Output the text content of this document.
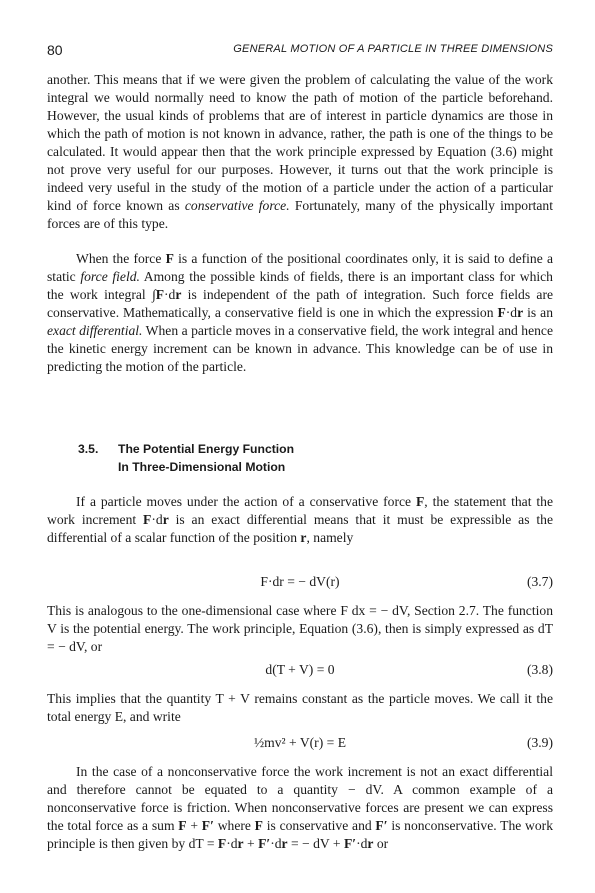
80	GENERAL MOTION OF A PARTICLE IN THREE DIMENSIONS

another. This means that if we were given the problem of calculating the value of the work integral we would normally need to know the path of motion of the particle beforehand. However, the usual kinds of problems that are of interest in particle dynamics are those in which the path of motion is not known in advance, rather, the path is one of the things to be calculated. It would appear then that the work principle expressed by Equation (3.6) might not prove very useful for our purposes. However, it turns out that the work principle is indeed very useful in the study of the motion of a particle under the action of a particular kind of force known as conservative force. Fortunately, many of the physically important forces are of this type.

When the force F is a function of the positional coordinates only, it is said to define a static force field. Among the possible kinds of fields, there is an important class for which the work integral ∫F·dr is independent of the path of integration. Such force fields are conservative. Mathematically, a conservative field is one in which the expression F·dr is an exact differential. When a particle moves in a conservative field, the work integral and hence the kinetic energy increment can be known in advance. This knowledge can be of use in predicting the motion of the particle.

3.5. The Potential Energy Function
In Three-Dimensional Motion

If a particle moves under the action of a conservative force F, the statement that the work increment F·dr is an exact differential means that it must be expressible as the differential of a scalar function of the position r, namely

F·dr = − dV(r)	(3.7)

This is analogous to the one-dimensional case where F dx = − dV, Section 2.7. The function V is the potential energy. The work principle, Equation (3.6), then is simply expressed as dT = − dV, or

d(T + V) = 0	(3.8)

This implies that the quantity T + V remains constant as the particle moves. We call it the total energy E, and write

½mv² + V(r) = E	(3.9)

In the case of a nonconservative force the work increment is not an exact differential and therefore cannot be equated to a quantity − dV. A common example of a nonconservative force is friction. When nonconservative forces are present we can express the total force as a sum F + F′ where F is conservative and F′ is nonconservative. The work principle is then given by dT = F·dr + F′·dr = − dV + F′·dr or
